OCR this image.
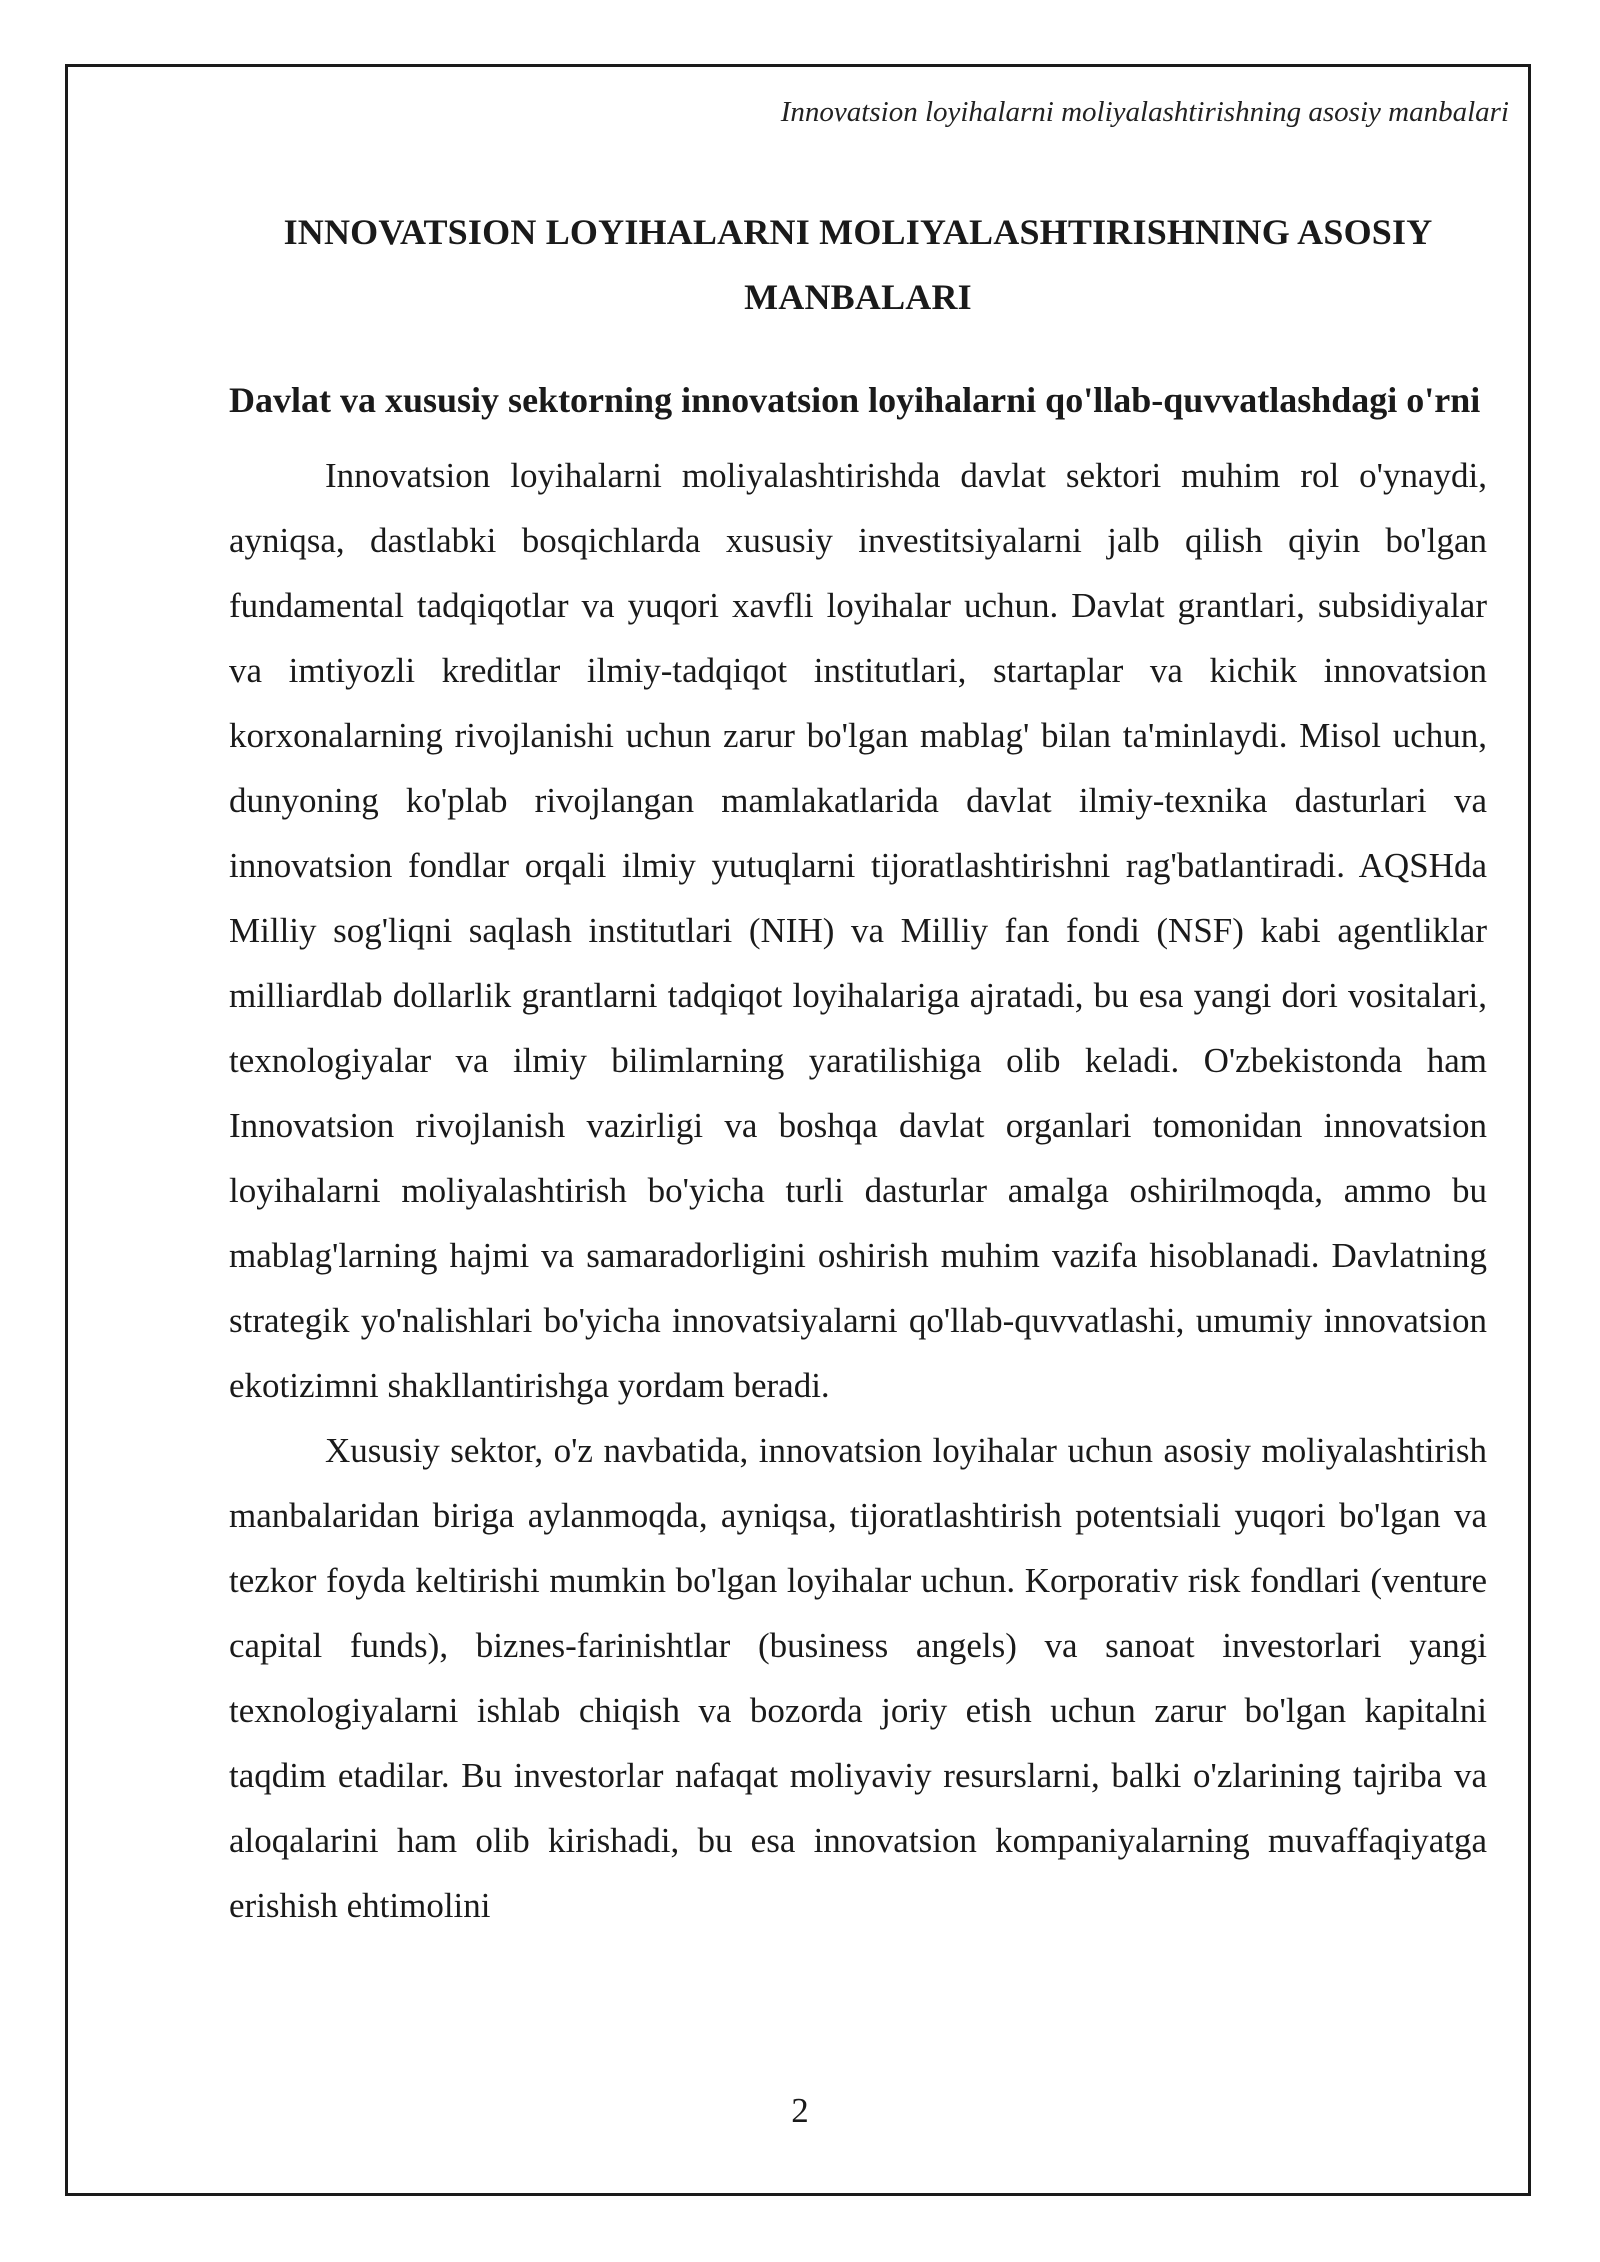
Innovatsion loyihalarni moliyalashtirishning asosiy manbalari
INNOVATSION LOYIHALARNI MOLIYALASHTIRISHNING ASOSIY MANBALARI
Davlat va xususiy sektorning innovatsion loyihalarni qo'llab-quvvatlashdagi o'rni

Innovatsion loyihalarni moliyalashtirishda davlat sektori muhim rol o'ynaydi, ayniqsa, dastlabki bosqichlarda xususiy investitsiyalarni jalb qilish qiyin bo'lgan fundamental tadqiqotlar va yuqori xavfli loyihalar uchun. Davlat grantlari, subsidiyalar va imtiyozli kreditlar ilmiy-tadqiqot institutlari, startaplar va kichik innovatsion korxonalarning rivojlanishi uchun zarur bo'lgan mablag' bilan ta'minlaydi. Misol uchun, dunyoning ko'plab rivojlangan mamlakatlarida davlat ilmiy-texnika dasturlari va innovatsion fondlar orqali ilmiy yutuqlarni tijoratlashtirishni rag'batlantiradi. AQSHda Milliy sog'liqni saqlash institutlari (NIH) va Milliy fan fondi (NSF) kabi agentliklar milliardlab dollarlik grantlarni tadqiqot loyihalariga ajratadi, bu esa yangi dori vositalari, texnologiyalar va ilmiy bilimlarning yaratilishiga olib keladi. O'zbekistonda ham Innovatsion rivojlanish vazirligi va boshqa davlat organlari tomonidan innovatsion loyihalarni moliyalashtirish bo'yicha turli dasturlar amalga oshirilmoqda, ammo bu mablag'larning hajmi va samaradorligini oshirish muhim vazifa hisoblanadi. Davlatning strategik yo'nalishlari bo'yicha innovatsiyalarni qo'llab-quvvatlashi, umumiy innovatsion ekotizimni shakllantirishga yordam beradi.

Xususiy sektor, o'z navbatida, innovatsion loyihalar uchun asosiy moliyalashtirish manbalaridan biriga aylanmoqda, ayniqsa, tijoratlashtirish potentsiali yuqori bo'lgan va tezkor foyda keltirishi mumkin bo'lgan loyihalar uchun. Korporativ risk fondlari (venture capital funds), biznes-farinishtlar (business angels) va sanoat investorlari yangi texnologiyalarni ishlab chiqish va bozorda joriy etish uchun zarur bo'lgan kapitalni taqdim etadilar. Bu investorlar nafaqat moliyaviy resurslarni, balki o'zlarining tajriba va aloqalarini ham olib kirishadi, bu esa innovatsion kompaniyalarning muvaffaqiyatga erishish ehtimolini

2
